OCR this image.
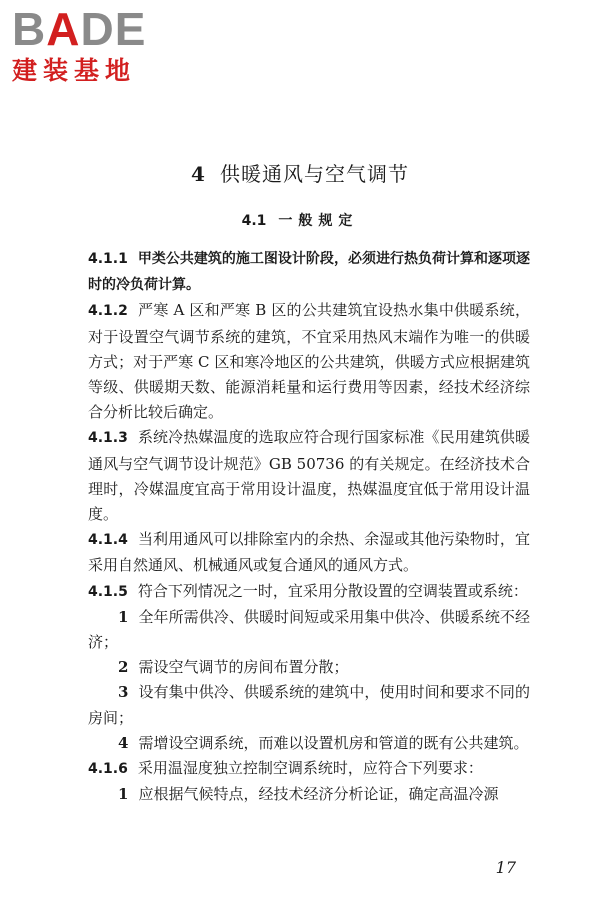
BADE
建装基地
4 供暖通风与空气调节
4.1 一般规定

4.1.1 甲类公共建筑的施工图设计阶段，必须进行热负荷计算和逐项逐时的冷负荷计算。

4.1.2 严寒 A 区和严寒 B 区的公共建筑宜设热水集中供暖系统，对于设置空气调节系统的建筑，不宜采用热风末端作为唯一的供暖方式；对于严寒 C 区和寒冷地区的公共建筑，供暖方式应根据建筑等级、供暖期天数、能源消耗量和运行费用等因素，经技术经济综合分析比较后确定。

4.1.3 系统冷热媒温度的选取应符合现行国家标准《民用建筑供暖通风与空气调节设计规范》GB 50736 的有关规定。在经济技术合理时，冷媒温度宜高于常用设计温度，热媒温度宜低于常用设计温度。

4.1.4 当利用通风可以排除室内的余热、余湿或其他污染物时，宜采用自然通风、机械通风或复合通风的通风方式。

4.1.5 符合下列情况之一时，宜采用分散设置的空调装置或系统：

1 全年所需供冷、供暖时间短或采用集中供冷、供暖系统不经济；

2 需设空气调节的房间布置分散；

3 设有集中供冷、供暖系统的建筑中，使用时间和要求不同的房间；

4 需增设空调系统，而难以设置机房和管道的既有公共建筑。

4.1.6 采用温湿度独立控制空调系统时，应符合下列要求：

1 应根据气候特点，经技术经济分析论证，确定高温冷源

17
